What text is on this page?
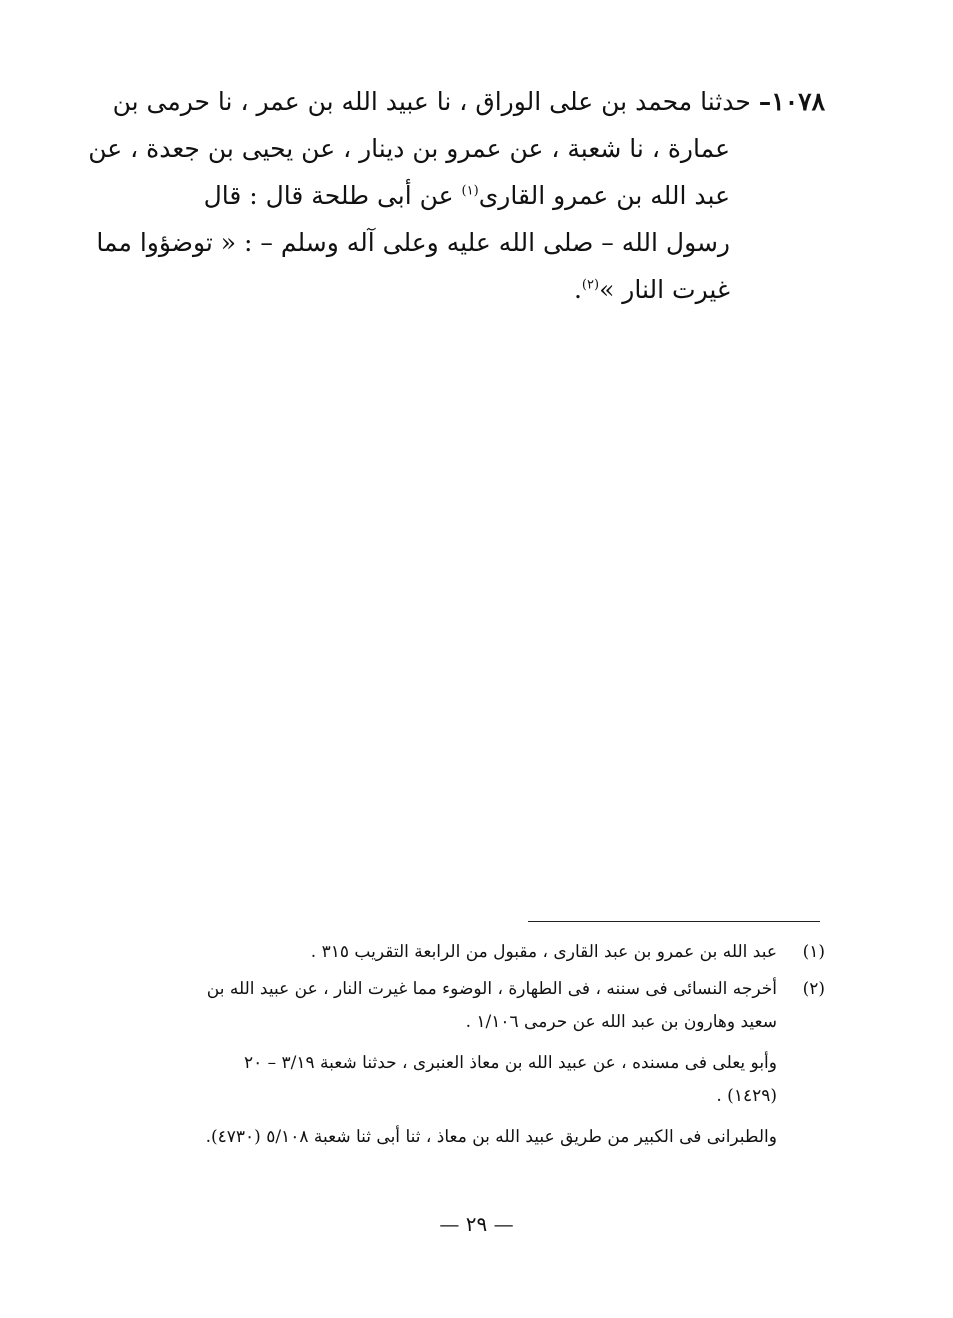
١٠٧٨– حدثنا محمد بن على الوراق ، نا عبيد الله بن عمر ، نا حرمى بن
عمارة ، نا شعبة ، عن عمرو بن دينار ، عن يحيى بن جعدة ، عن
عبد الله بن عمرو القارى$^{(١)}$ عن أبى طلحة قال : قال
رسول الله – صلى الله عليه وعلى آله وسلم – : « توضؤوا مما
غيرت النار »$^{(٢)}$.
(١)
عبد الله بن عمرو بن عبد القارى ، مقبول من الرابعة التقريب ٣١٥ .
(٢)
أخرجه النسائى فى سننه ، فى الطهارة ، الوضوء مما غيرت النار ، عن عبيد الله بن
سعيد وهارون بن عبد الله عن حرمى ١/١٠٦ .
وأبو يعلى فى مسنده ، عن عبيد الله بن معاذ العنبرى ، حدثنا شعبة ٣/١٩ – ٢٠
(١٤٢٩) .
والطبرانى فى الكبير من طريق عبيد الله بن معاذ ، ثنا أبى ثنا شعبة ٥/١٠٨ (٤٧٣٠).
— ٢٩ —
